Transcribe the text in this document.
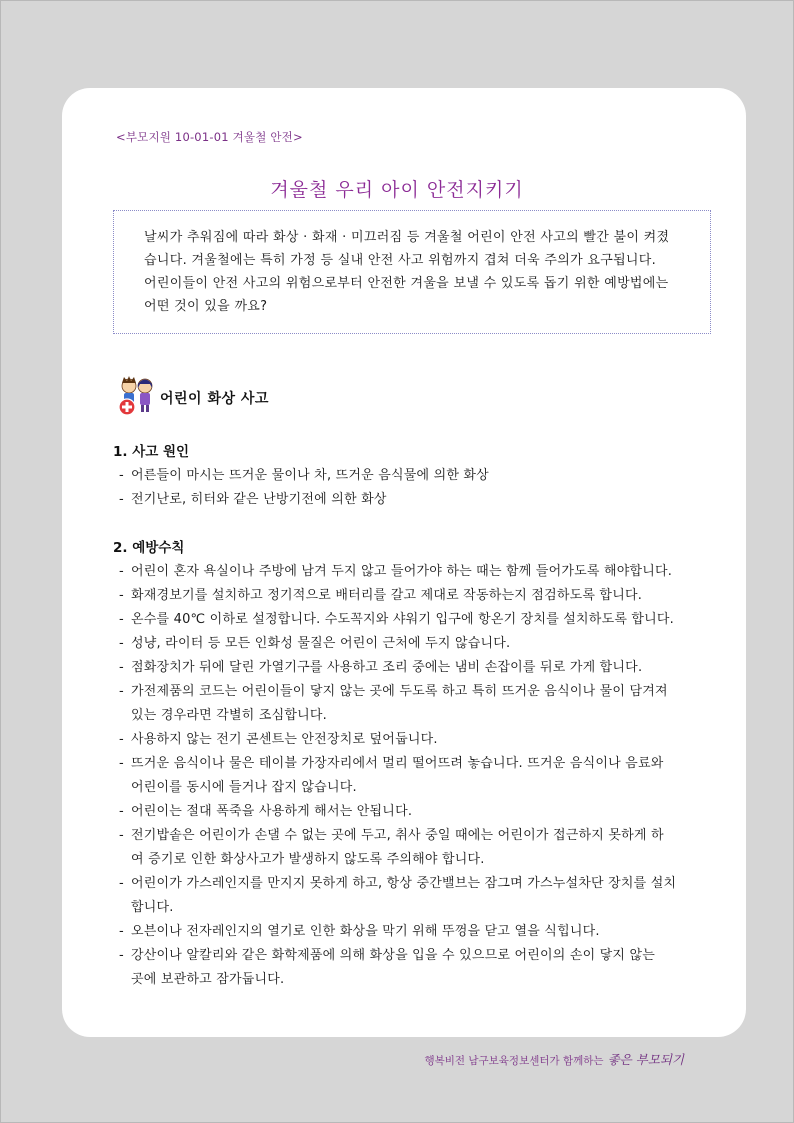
<부모지원 10-01-01 겨울철 안전>
겨울철 우리 아이 안전지키기
날씨가 추워짐에 따라 화상 · 화재 · 미끄러짐 등 겨울철 어린이 안전 사고의 빨간 불이 켜졌
습니다. 겨울철에는 특히 가정 등 실내 안전 사고 위험까지 겹쳐 더욱 주의가 요구됩니다.
어린이들이 안전 사고의 위험으로부터 안전한 겨울을 보낼 수 있도록 돕기 위한 예방법에는
어떤 것이 있을 까요?
어린이 화상 사고
1. 사고 원인
- 어른들이 마시는 뜨거운 물이나 차, 뜨거운 음식물에 의한 화상
- 전기난로, 히터와 같은 난방기전에 의한 화상
2. 예방수칙
- 어린이 혼자 욕실이나 주방에 남겨 두지 않고 들어가야 하는 때는 함께 들어가도록 해야합니다.
- 화재경보기를 설치하고 정기적으로 배터리를 갈고 제대로 작동하는지 점검하도록 합니다.
- 온수를 40℃ 이하로 설정합니다. 수도꼭지와 샤워기 입구에 항온기 장치를 설치하도록 합니다.
- 성냥, 라이터 등 모든 인화성 물질은 어린이 근처에 두지 않습니다.
- 점화장치가 뒤에 달린 가열기구를 사용하고 조리 중에는 냄비 손잡이를 뒤로 가게 합니다.
- 가전제품의 코드는 어린이들이 닿지 않는 곳에 두도록 하고 특히 뜨거운 음식이나 물이 담겨져
있는 경우라면 각별히 조심합니다.
- 사용하지 않는 전기 콘센트는 안전장치로 덮어둡니다.
- 뜨거운 음식이나 물은 테이블 가장자리에서 멀리 떨어뜨려 놓습니다. 뜨거운 음식이나 음료와
어린이를 동시에 들거나 잡지 않습니다.
- 어린이는 절대 폭죽을 사용하게 해서는 안됩니다.
- 전기밥솥은 어린이가 손댈 수 없는 곳에 두고, 취사 중일 때에는 어린이가 접근하지 못하게 하
여 증기로 인한 화상사고가 발생하지 않도록 주의해야 합니다.
- 어린이가 가스레인지를 만지지 못하게 하고, 항상 중간밸브는 잠그며 가스누설차단 장치를 설치
합니다.
- 오븐이나 전자레인지의 열기로 인한 화상을 막기 위해 뚜껑을 닫고 열을 식힙니다.
- 강산이나 알칼리와 같은 화학제품에 의해 화상을 입을 수 있으므로 어린이의 손이 닿지 않는
곳에 보관하고 잠가둡니다.
행복비전 남구보육정보센터가 함께하는 좋은 부모되기
